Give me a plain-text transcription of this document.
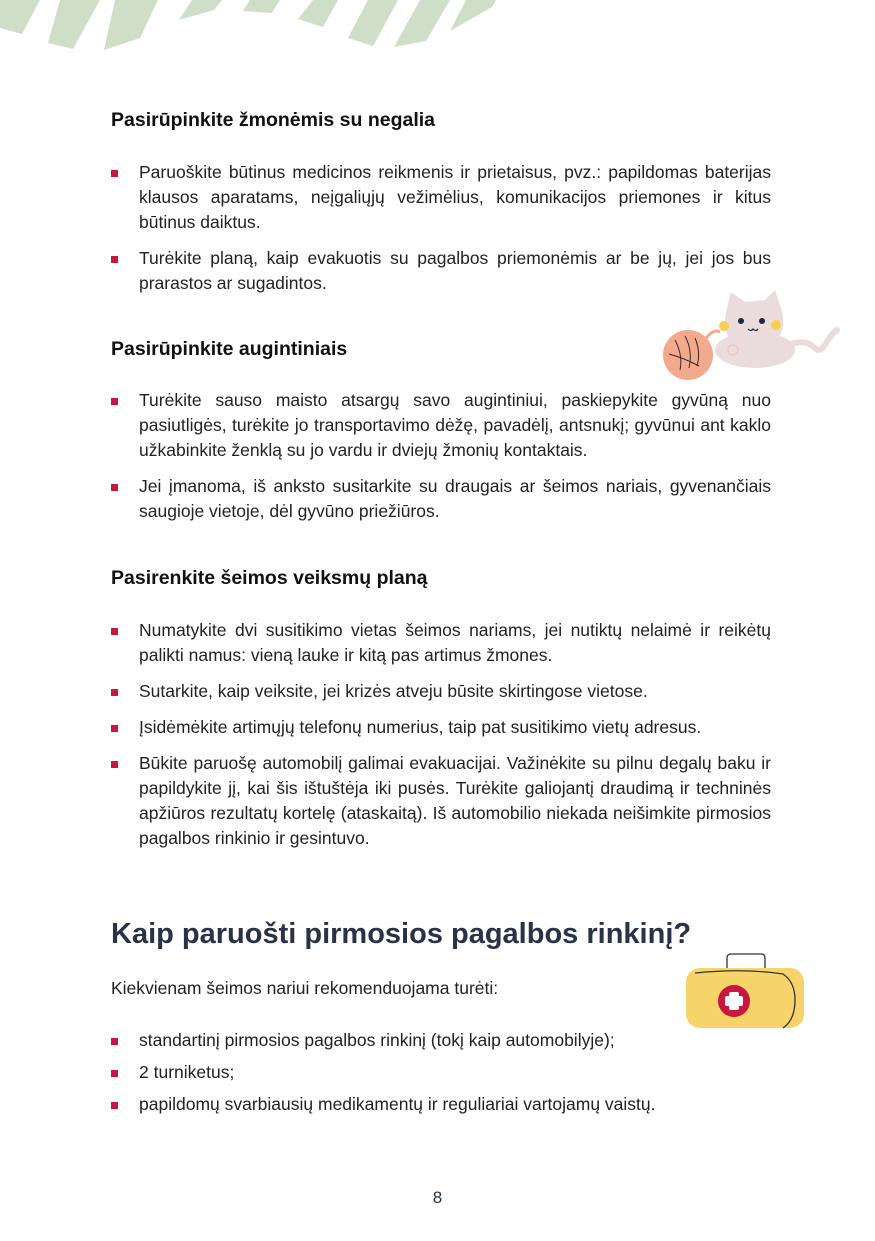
Pasirūpinkite žmonėmis su negalia
Paruoškite būtinus medicinos reikmenis ir prietaisus, pvz.: papildomas baterijas klausos aparatams, neįgaliųjų vežimėlius, komunikacijos priemones ir kitus būtinus daiktus.
Turėkite planą, kaip evakuotis su pagalbos priemonėmis ar be jų, jei jos bus prarastos ar sugadintos.
Pasirūpinkite augintiniais
Turėkite sauso maisto atsargų savo augintiniui, paskiepykite gyvūną nuo pasiutligės, turėkite jo transportavimo dėžę, pavadėlį, antsnukį; gyvūnui ant kaklo užkabinkite ženklą su jo vardu ir dviejų žmonių kontaktais.
Jei įmanoma, iš anksto susitarkite su draugais ar šeimos nariais, gyvenančiais saugioje vietoje, dėl gyvūno priežiūros.
Pasirenkite šeimos veiksmų planą
Numatykite dvi susitikimo vietas šeimos nariams, jei nutiktų nelaimė ir reikėtų palikti namus: vieną lauke ir kitą pas artimus žmones.
Sutarkite, kaip veiksite, jei krizės atveju būsite skirtingose vietose.
Įsidėmėkite artimųjų telefonų numerius, taip pat susitikimo vietų adresus.
Būkite paruošę automobilį galimai evakuacijai. Važinėkite su pilnu degalų baku ir papildykite jį, kai šis ištuštėja iki pusės. Turėkite galiojantį draudimą ir techninės apžiūros rezultatų kortelę (ataskaitą). Iš automobilio niekada neišimkite pirmosios pagalbos rinkinio ir gesintuvo.
Kaip paruošti pirmosios pagalbos rinkinį?

Kiekvienam šeimos nariui rekomenduojama turėti:

standartinį pirmosios pagalbos rinkinį (tokį kaip automobilyje);
2 turniketus;
papildomų svarbiausių medikamentų ir reguliariai vartojamų vaistų.
8
